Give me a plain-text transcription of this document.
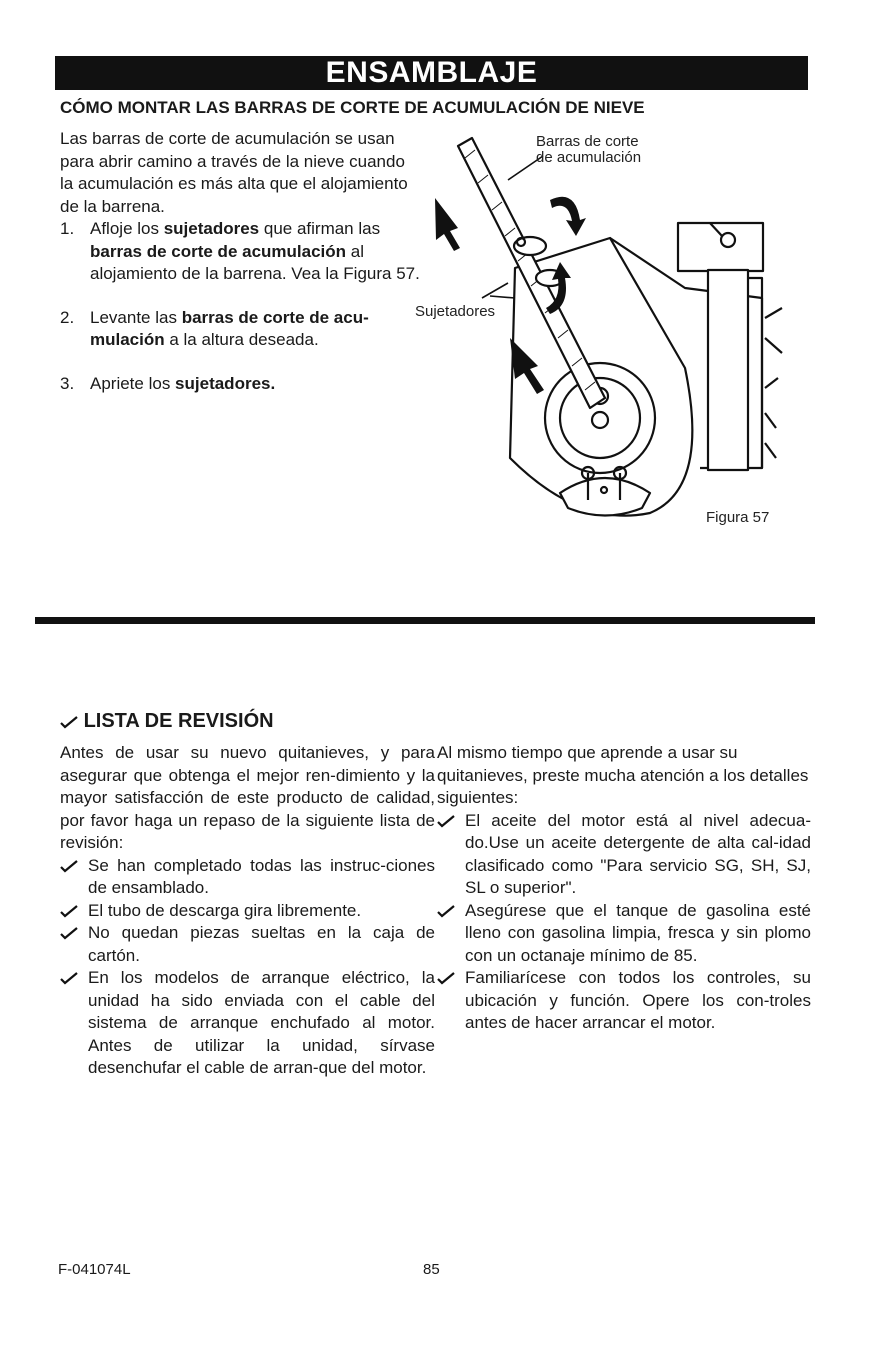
ENSAMBLAJE
CÓMO MONTAR LAS BARRAS DE CORTE DE ACUMULACIÓN DE NIEVE

Las barras de corte de acumulación se usan para abrir camino a través de la nieve cuando la acumulación es más alta que el alojamiento de la barrena.

1. Afloje los sujetadores que afirman las barras de corte de acumulación al alojamiento de la barrena. Vea la Figura 57.

2. Levante las barras de corte de acu-mulación a la altura deseada.

3. Apriete los sujetadores.

Barras de corte
de acumulación
Sujetadores
Figura 57
LISTA DE REVISIÓN

Antes de usar su nuevo quitanieves, y para asegurar que obtenga el mejor ren-dimiento y la mayor satisfacción de este producto de calidad, por favor haga un repaso de la siguiente lista de revisión:

Se han completado todas las instruc-ciones de ensamblado.

El tubo de descarga gira libremente.

No quedan piezas sueltas en la caja de cartón.

En los modelos de arranque eléctrico, la unidad ha sido enviada con el cable del sistema de arranque enchufado al motor. Antes de utilizar la unidad, sírvase desenchufar el cable de arran-que del motor.

Al mismo tiempo que aprende a usar su quitanieves, preste mucha atención a los detalles siguientes:

El aceite del motor está al nivel adecua-do.Use un aceite detergente de alta cal-idad clasificado como "Para servicio SG, SH, SJ, SL o superior".

Asegúrese que el tanque de gasolina esté lleno con gasolina limpia, fresca y sin plomo con un octanaje mínimo de 85.

Familiarícese con todos los controles, su ubicación y función. Opere los con-troles antes de hacer arrancar el motor.

F-041074L	85
